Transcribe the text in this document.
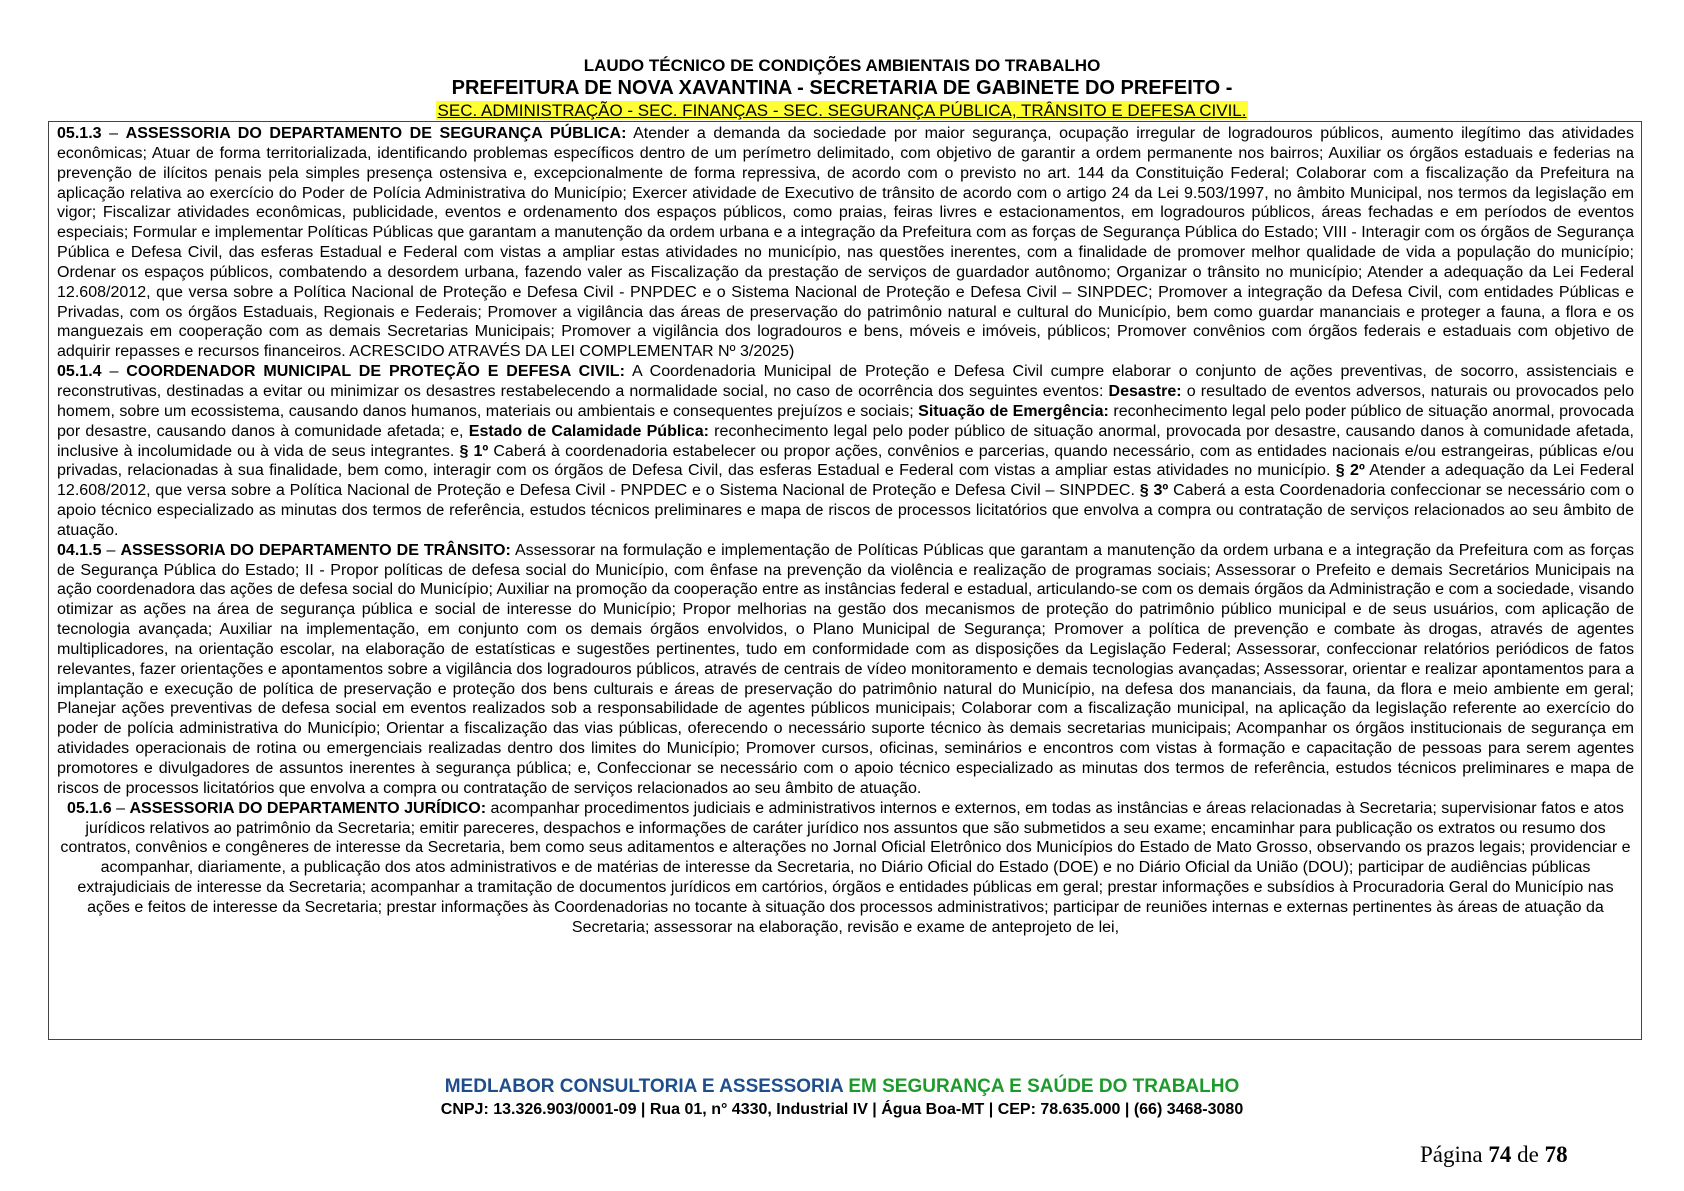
LAUDO TÉCNICO DE CONDIÇÕES AMBIENTAIS DO TRABALHO
PREFEITURA DE NOVA XAVANTINA - SECRETARIA DE GABINETE DO PREFEITO -
SEC. ADMINISTRAÇÃO - SEC. FINANÇAS - SEC. SEGURANÇA PÚBLICA, TRÂNSITO E DEFESA CIVIL.

05.1.3 – ASSESSORIA DO DEPARTAMENTO DE SEGURANÇA PÚBLICA: Atender a demanda da sociedade por maior segurança, ocupação irregular de logradouros públicos, aumento ilegítimo das atividades econômicas; Atuar de forma territorializada, identificando problemas específicos dentro de um perímetro delimitado, com objetivo de garantir a ordem permanente nos bairros; Auxiliar os órgãos estaduais e federias na prevenção de ilícitos penais pela simples presença ostensiva e, excepcionalmente de forma repressiva, de acordo com o previsto no art. 144 da Constituição Federal; Colaborar com a fiscalização da Prefeitura na aplicação relativa ao exercício do Poder de Polícia Administrativa do Município; Exercer atividade de Executivo de trânsito de acordo com o artigo 24 da Lei 9.503/1997, no âmbito Municipal, nos termos da legislação em vigor; Fiscalizar atividades econômicas, publicidade, eventos e ordenamento dos espaços públicos, como praias, feiras livres e estacionamentos, em logradouros públicos, áreas fechadas e em períodos de eventos especiais; Formular e implementar Políticas Públicas que garantam a manutenção da ordem urbana e a integração da Prefeitura com as forças de Segurança Pública do Estado; VIII - Interagir com os órgãos de Segurança Pública e Defesa Civil, das esferas Estadual e Federal com vistas a ampliar estas atividades no município, nas questões inerentes, com a finalidade de promover melhor qualidade de vida a população do município; Ordenar os espaços públicos, combatendo a desordem urbana, fazendo valer as Fiscalização da prestação de serviços de guardador autônomo; Organizar o trânsito no município; Atender a adequação da Lei Federal 12.608/2012, que versa sobre a Política Nacional de Proteção e Defesa Civil - PNPDEC e o Sistema Nacional de Proteção e Defesa Civil – SINPDEC; Promover a integração da Defesa Civil, com entidades Públicas e Privadas, com os órgãos Estaduais, Regionais e Federais; Promover a vigilância das áreas de preservação do patrimônio natural e cultural do Município, bem como guardar mananciais e proteger a fauna, a flora e os manguezais em cooperação com as demais Secretarias Municipais; Promover a vigilância dos logradouros e bens, móveis e imóveis, públicos; Promover convênios com órgãos federais e estaduais com objetivo de adquirir repasses e recursos financeiros. ACRESCIDO ATRAVÉS DA LEI COMPLEMENTAR Nº 3/2025)

05.1.4 – COORDENADOR MUNICIPAL DE PROTEÇÃO E DEFESA CIVIL: A Coordenadoria Municipal de Proteção e Defesa Civil cumpre elaborar o conjunto de ações preventivas, de socorro, assistenciais e reconstrutivas, destinadas a evitar ou minimizar os desastres restabelecendo a normalidade social, no caso de ocorrência dos seguintes eventos: Desastre: o resultado de eventos adversos, naturais ou provocados pelo homem, sobre um ecossistema, causando danos humanos, materiais ou ambientais e consequentes prejuízos e sociais; Situação de Emergência: reconhecimento legal pelo poder público de situação anormal, provocada por desastre, causando danos à comunidade afetada; e, Estado de Calamidade Pública: reconhecimento legal pelo poder público de situação anormal, provocada por desastre, causando danos à comunidade afetada, inclusive à incolumidade ou à vida de seus integrantes. § 1º Caberá à coordenadoria estabelecer ou propor ações, convênios e parcerias, quando necessário, com as entidades nacionais e/ou estrangeiras, públicas e/ou privadas, relacionadas à sua finalidade, bem como, interagir com os órgãos de Defesa Civil, das esferas Estadual e Federal com vistas a ampliar estas atividades no município. § 2º Atender a adequação da Lei Federal 12.608/2012, que versa sobre a Política Nacional de Proteção e Defesa Civil - PNPDEC e o Sistema Nacional de Proteção e Defesa Civil – SINPDEC. § 3º Caberá a esta Coordenadoria confeccionar se necessário com o apoio técnico especializado as minutas dos termos de referência, estudos técnicos preliminares e mapa de riscos de processos licitatórios que envolva a compra ou contratação de serviços relacionados ao seu âmbito de atuação.

04.1.5 – ASSESSORIA DO DEPARTAMENTO DE TRÂNSITO: Assessorar na formulação e implementação de Políticas Públicas que garantam a manutenção da ordem urbana e a integração da Prefeitura com as forças de Segurança Pública do Estado; II - Propor políticas de defesa social do Município, com ênfase na prevenção da violência e realização de programas sociais; Assessorar o Prefeito e demais Secretários Municipais na ação coordenadora das ações de defesa social do Município; Auxiliar na promoção da cooperação entre as instâncias federal e estadual, articulando-se com os demais órgãos da Administração e com a sociedade, visando otimizar as ações na área de segurança pública e social de interesse do Município; Propor melhorias na gestão dos mecanismos de proteção do patrimônio público municipal e de seus usuários, com aplicação de tecnologia avançada; Auxiliar na implementação, em conjunto com os demais órgãos envolvidos, o Plano Municipal de Segurança; Promover a política de prevenção e combate às drogas, através de agentes multiplicadores, na orientação escolar, na elaboração de estatísticas e sugestões pertinentes, tudo em conformidade com as disposições da Legislação Federal; Assessorar, confeccionar relatórios periódicos de fatos relevantes, fazer orientações e apontamentos sobre a vigilância dos logradouros públicos, através de centrais de vídeo monitoramento e demais tecnologias avançadas; Assessorar, orientar e realizar apontamentos para a implantação e execução de política de preservação e proteção dos bens culturais e áreas de preservação do patrimônio natural do Município, na defesa dos mananciais, da fauna, da flora e meio ambiente em geral; Planejar ações preventivas de defesa social em eventos realizados sob a responsabilidade de agentes públicos municipais; Colaborar com a fiscalização municipal, na aplicação da legislação referente ao exercício do poder de polícia administrativa do Município; Orientar a fiscalização das vias públicas, oferecendo o necessário suporte técnico às demais secretarias municipais; Acompanhar os órgãos institucionais de segurança em atividades operacionais de rotina ou emergenciais realizadas dentro dos limites do Município; Promover cursos, oficinas, seminários e encontros com vistas à formação e capacitação de pessoas para serem agentes promotores e divulgadores de assuntos inerentes à segurança pública; e, Confeccionar se necessário com o apoio técnico especializado as minutas dos termos de referência, estudos técnicos preliminares e mapa de riscos de processos licitatórios que envolva a compra ou contratação de serviços relacionados ao seu âmbito de atuação.

05.1.6 – ASSESSORIA DO DEPARTAMENTO JURÍDICO: acompanhar procedimentos judiciais e administrativos internos e externos, em todas as instâncias e áreas relacionadas à Secretaria; supervisionar fatos e atos jurídicos relativos ao patrimônio da Secretaria; emitir pareceres, despachos e informações de caráter jurídico nos assuntos que são submetidos a seu exame; encaminhar para publicação os extratos ou resumo dos contratos, convênios e congêneres de interesse da Secretaria, bem como seus aditamentos e alterações no Jornal Oficial Eletrônico dos Municípios do Estado de Mato Grosso, observando os prazos legais; providenciar e acompanhar, diariamente, a publicação dos atos administrativos e de matérias de interesse da Secretaria, no Diário Oficial do Estado (DOE) e no Diário Oficial da União (DOU); participar de audiências públicas extrajudiciais de interesse da Secretaria; acompanhar a tramitação de documentos jurídicos em cartórios, órgãos e entidades públicas em geral; prestar informações e subsídios à Procuradoria Geral do Município nas ações e feitos de interesse da Secretaria; prestar informações às Coordenadorias no tocante à situação dos processos administrativos; participar de reuniões internas e externas pertinentes às áreas de atuação da Secretaria; assessorar na elaboração, revisão e exame de anteprojeto de lei,

MEDLABOR CONSULTORIA E ASSESSORIA EM SEGURANÇA E SAÚDE DO TRABALHO
CNPJ: 13.326.903/0001-09 | Rua 01, n° 4330, Industrial IV | Água Boa-MT | CEP: 78.635.000 | (66) 3468-3080
Página 74 de 78
